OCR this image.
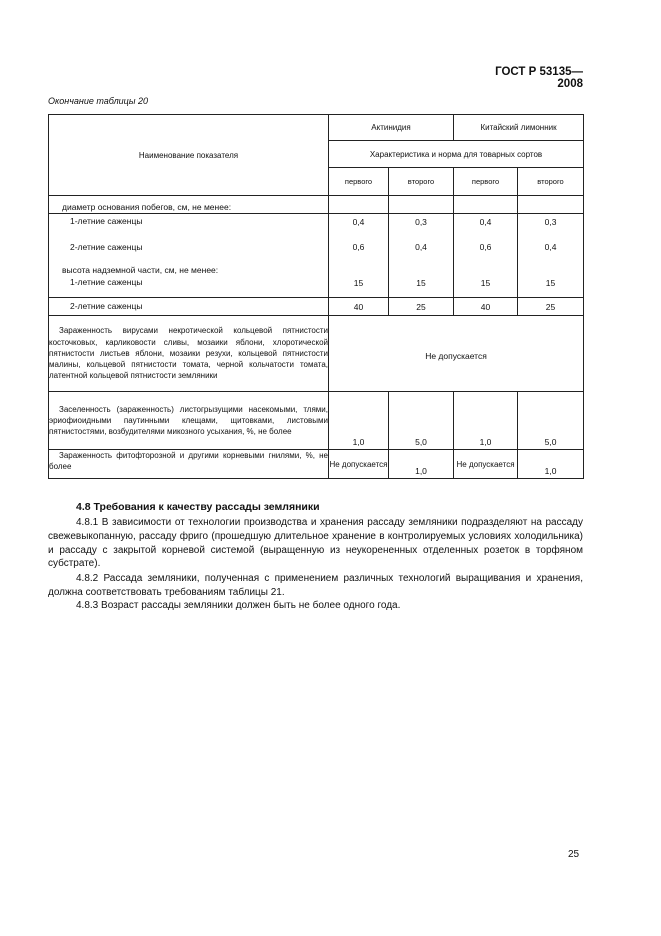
ГОСТ Р 53135—2008
Окончание таблицы 20
Наименование показателя	Актинидия		Китайский лимонник	
	Характеристика и норма для товарных сортов			
	первого	второго	первого	второго
диаметр основания побегов, см, не менее:				
1-летние саженцы	0,4	0,3	0,4	0,3

2-летние саженцы	0,6	0,4	0,6	0,4
высота надземной части, см, не менее:				
1-летние саженцы	15	15	15	15

2-летние саженцы	40	25	40	25

Зараженность вирусами некротической кольцевой пятнистости косточковых, карликовости сливы, мозаики яблони, хлоротической пятнистости листьев яблони, мозаики резухи, кольцевой пятнистости малины, кольцевой пятнистости томата, черной кольчатости томата, латентной кольцевой пятнистости земляники	Не допускается			

Заселенность (зараженность) листогрызущими насекомыми, тлями, эриофиоидными паутинными клещами, щитовками, листовыми пятнистостями, возбудителями микозного усыхания, %, не более	1,0	5,0	1,0	5,0

Зараженность фитофторозной и другими корневыми гнилями, %, не более	Не допускается	1,0	Не допускается	1,0
4.8 Требования к качеству рассады земляники
4.8.1 В зависимости от технологии производства и хранения рассаду земляники подразделяют на рассаду свежевыкопанную, рассаду фриго (прошедшую длительное хранение в контролируемых условиях холодильника) и рассаду с закрытой корневой системой (выращенную из неукорененных отделенных розеток в торфяном субстрате).
4.8.2 Рассада земляники, полученная с применением различных технологий выращивания и хранения, должна соответствовать требованиям таблицы 21.
4.8.3 Возраст рассады земляники должен быть не более одного года.
25
